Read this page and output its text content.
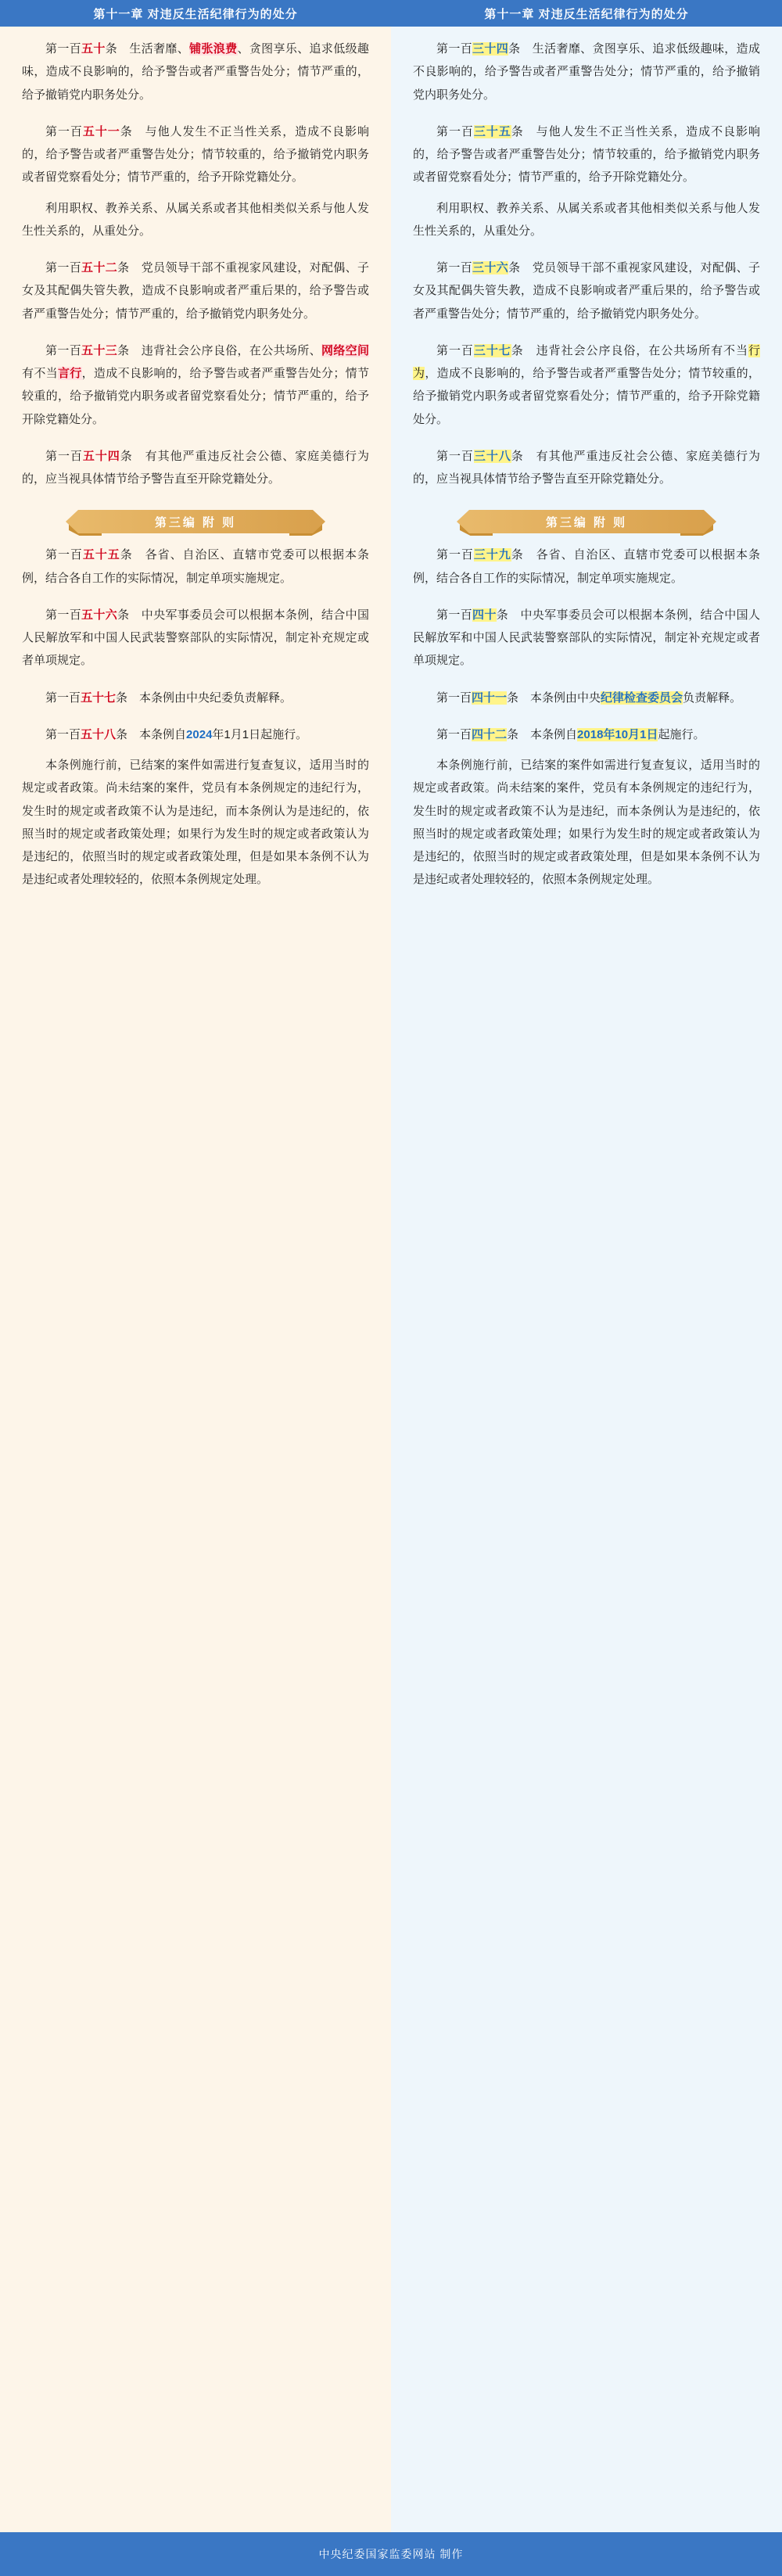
第十一章 对违反生活纪律行为的处分

第一百五十条　生活奢靡、铺张浪费、贪图享乐、追求低级趣味，造成不良影响的，给予警告或者严重警告处分；情节严重的，给予撤销党内职务处分。

第一百五十一条　与他人发生不正当性关系，造成不良影响的，给予警告或者严重警告处分；情节较重的，给予撤销党内职务或者留党察看处分；情节严重的，给予开除党籍处分。

利用职权、教养关系、从属关系或者其他相类似关系与他人发生性关系的，从重处分。

第一百五十二条　党员领导干部不重视家风建设，对配偶、子女及其配偶失管失教，造成不良影响或者严重后果的，给予警告或者严重警告处分；情节严重的，给予撤销党内职务处分。

第一百五十三条　违背社会公序良俗，在公共场所、网络空间有不当言行，造成不良影响的，给予警告或者严重警告处分；情节较重的，给予撤销党内职务或者留党察看处分；情节严重的，给予开除党籍处分。

第一百五十四条　有其他严重违反社会公德、家庭美德行为的，应当视具体情节给予警告直至开除党籍处分。

第三编 附 则

第一百五十五条　各省、自治区、直辖市党委可以根据本条例，结合各自工作的实际情况，制定单项实施规定。

第一百五十六条　中央军事委员会可以根据本条例，结合中国人民解放军和中国人民武装警察部队的实际情况，制定补充规定或者单项规定。

第一百五十七条　本条例由中央纪委负责解释。

第一百五十八条　本条例自2024年1月1日起施行。

本条例施行前，已结案的案件如需进行复查复议，适用当时的规定或者政策。尚未结案的案件，党员有本条例规定的违纪行为，发生时的规定或者政策不认为是违纪，而本条例认为是违纪的，依照当时的规定或者政策处理；如果行为发生时的规定或者政策认为是违纪的，依照当时的规定或者政策处理，但是如果本条例不认为是违纪或者处理较轻的，依照本条例规定处理。

第十一章 对违反生活纪律行为的处分

第一百三十四条　生活奢靡、贪图享乐、追求低级趣味，造成不良影响的，给予警告或者严重警告处分；情节严重的，给予撤销党内职务处分。

第一百三十五条　与他人发生不正当性关系，造成不良影响的，给予警告或者严重警告处分；情节较重的，给予撤销党内职务或者留党察看处分；情节严重的，给予开除党籍处分。

利用职权、教养关系、从属关系或者其他相类似关系与他人发生性关系的，从重处分。

第一百三十六条　党员领导干部不重视家风建设，对配偶、子女及其配偶失管失教，造成不良影响或者严重后果的，给予警告或者严重警告处分；情节严重的，给予撤销党内职务处分。

第一百三十七条　违背社会公序良俗，在公共场所有不当行为，造成不良影响的，给予警告或者严重警告处分；情节较重的，给予撤销党内职务或者留党察看处分；情节严重的，给予开除党籍处分。

第一百三十八条　有其他严重违反社会公德、家庭美德行为的，应当视具体情节给予警告直至开除党籍处分。

第三编 附 则

第一百三十九条　各省、自治区、直辖市党委可以根据本条例，结合各自工作的实际情况，制定单项实施规定。

第一百四十条　中央军事委员会可以根据本条例，结合中国人民解放军和中国人民武装警察部队的实际情况，制定补充规定或者单项规定。

第一百四十一条　本条例由中央纪律检查委员会负责解释。

第一百四十二条　本条例自2018年10月1日起施行。

本条例施行前，已结案的案件如需进行复查复议，适用当时的规定或者政策。尚未结案的案件，党员有本条例规定的违纪行为，发生时的规定或者政策不认为是违纪，而本条例认为是违纪的，依照当时的规定或者政策处理；如果行为发生时的规定或者政策认为是违纪的，依照当时的规定或者政策处理，但是如果本条例不认为是违纪或者处理较轻的，依照本条例规定处理。

中央纪委国家监委网站 制作
